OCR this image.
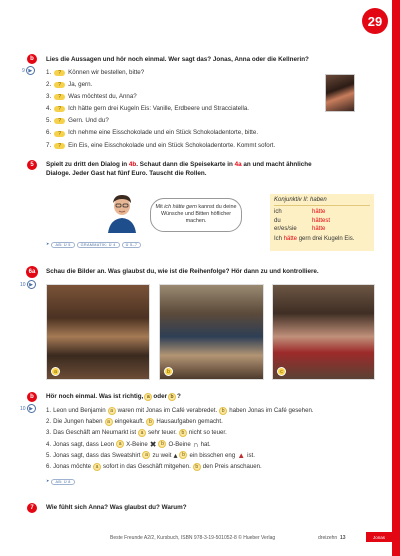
29
b
9 ▶
Lies die Aussagen und hör noch einmal. Wer sagt das? Jonas, Anna oder die Kellnerin?
1.	?	Können wir bestellen, bitte?
2.	?	Ja, gern.
3.	?	Was möchtest du, Anna?
4.	?	Ich hätte gern drei Kugeln Eis: Vanille, Erdbeere und Stracciatella.
5.	?	Gern. Und du?
6.	?	Ich nehme eine Eisschokolade und ein Stück Schokoladentorte, bitte.
7.	?	Ein Eis, eine Eisschokolade und ein Stück Schokoladentorte. Kommt sofort.
5	Spielt zu dritt den Dialog in 4b. Schaut dann die Speisekarte in 4a an und macht ähnliche
Dialoge. Jeder Gast hat fünf Euro. Tauscht die Rollen.
Mit ich hätte gern kannst du deine Wünsche und Bitten höflicher machen.
Konjunktiv II: haben
ich	hätte
du	hättest
er/es/sie	hätte
Ich hätte gern drei Kugeln Eis.
➤	AB: Ü 5	GRAMMATIK: Ü 4	Ü 5–7
6a
10 ▶
Schau die Bilder an. Was glaubst du, wie ist die Reihenfolge? Hör dann zu und kontrolliere.
a	b	c
b
10 ▶
Hör noch einmal. Was ist richtig, a oder b ?
1. Leon und Benjamin a waren mit Jonas im Café verabredet. b haben Jonas im Café gesehen.
2. Die Jungen haben a eingekauft. b Hausaufgaben gemacht.
3. Das Geschäft am Neumarkt ist a sehr teuer. b nicht so teuer.
4. Jonas sagt, dass Leon a X-Beine ✖ b O-Beine ∩ hat.
5. Jonas sagt, dass das Sweatshirt a zu weit ▴ b ein bisschen eng ▲ ist.
6. Jonas möchte a sofort in das Geschäft mitgehen. b den Preis anschauen.
➤	AB: Ü 8
7	Wie fühlt sich Anna? Was glaubst du? Warum?
Beste Freunde A2/2, Kursbuch, ISBN 978-3-19-501052-8 © Hueber Verlag	dreizehn 13	Jonas
